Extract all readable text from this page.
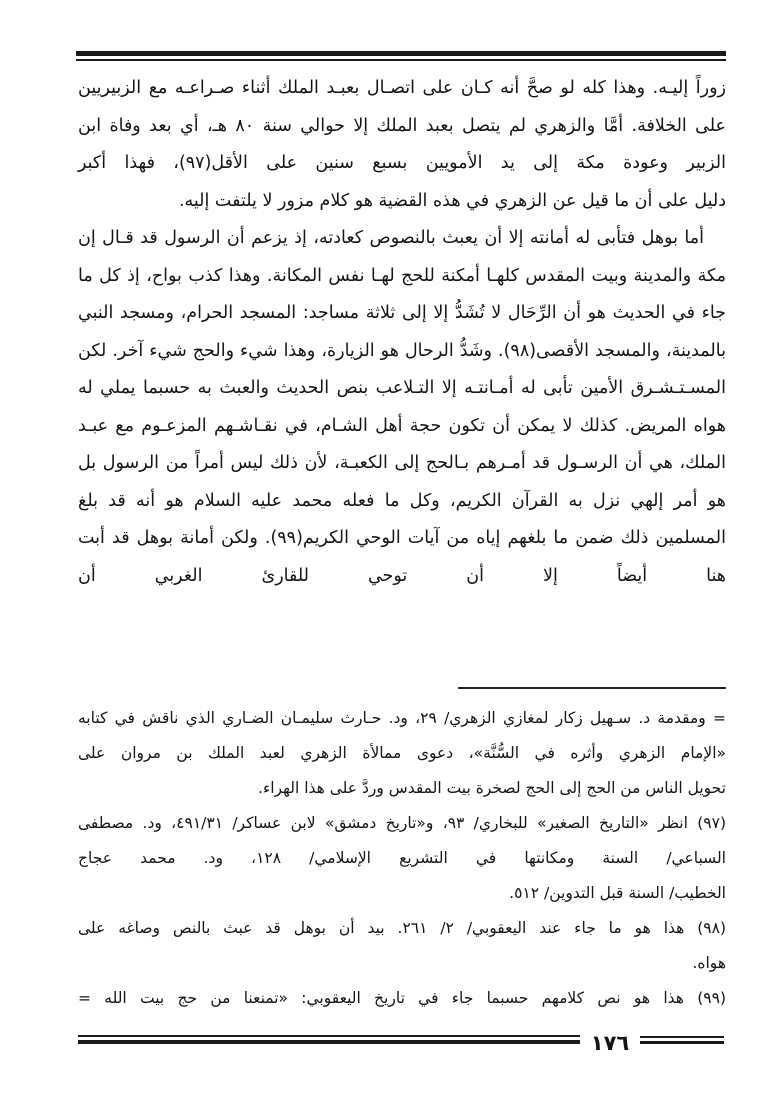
زوراً إليـه. وهذا كله لو صحَّ أنه كـان على اتصـال بعبـد الملك أثناء صـراعـه مع الزبيريين على الخلافة. أمَّا والزهري لم يتصل بعبد الملك إلا حوالي سنة ٨٠ هـ، أي بعد وفاة ابن الزبير وعودة مكة إلى يد الأمويين بسبع سنين على الأقل(٩٧)، فهذا أكبر

دليل على أن ما قيل عن الزهري في هذه القضية هو كلام مزور لا يلتفت إليه.

أما بوهل فتأبى له أمانته إلا أن يعبث بالنصوص كعادته، إذ يزعم أن الرسول قد قـال إن مكة والمدينة وبيت المقدس كلهـا أمكنة للحج لهـا نفس المكانة. وهذا كذب بواح، إذ كل ما جاء في الحديث هو أن الرِّحَال لا تُشَدُّ إلا إلى ثلاثة مساجد: المسجد الحرام، ومسجد النبي بالمدينة، والمسجد الأقصى(٩٨). وشَدُّ الرحال هو الزيارة، وهذا شيء والحج شيء آخر. لكن المسـتـشـرق الأمين تأبى له أمـانتـه إلا التـلاعب بنص الحديث والعبث به حسبما يملي له هواه المريض. كذلك لا يمكن أن تكون حجة أهل الشـام، في نقـاشـهم المزعـوم مع عبـد الملك، هي أن الرسـول قد أمـرهم بـالحج إلى الكعبـة، لأن ذلك ليس أمراً من الرسول بل هو أمر إلهي نزل به القرآن الكريم، وكل ما فعله محمد عليه السلام هو أنه قد بلغ المسلمين ذلك ضمن ما بلغهم إياه من آيات الوحي الكريم(٩٩). ولكن أمانة بوهل قد أبت هنا أيضاً إلا أن توحي للقارئ الغربي أن

= ومقدمة د. سـهيل زكار لمغازي الزهري/ ٢٩، ود. حـارث سليمـان الضـاري الذي ناقش في كتابه «الإمام الزهري وأثره في السُّنَّة»، دعوى ممالأة الزهري لعبد الملك بن مروان على

تحويل الناس من الحج إلى الحج لصخرة بيت المقدس وردَّ على هذا الهراء.

(٩٧) انظر «التاريخ الصغير» للبخاري/ ٩٣، و«تاريخ دمشق» لابن عساكر/ ٤٩١/٣١، ود. مصطفى السباعي/ السنة ومكانتها في التشريع الإسلامي/ ١٢٨، ود. محمد عجاج

الخطيب/ السنة قبل التدوين/ ٥١٢.

(٩٨) هذا هو ما جاء عند اليعقوبي/ ٢/ ٢٦١. بيد أن بوهل قد عبث بالنص وصاغه على

هواه.

(٩٩) هذا هو نص كلامهم حسبما جاء في تاريخ اليعقوبي: «تمنعنا من حج بيت الله =

١٧٦
